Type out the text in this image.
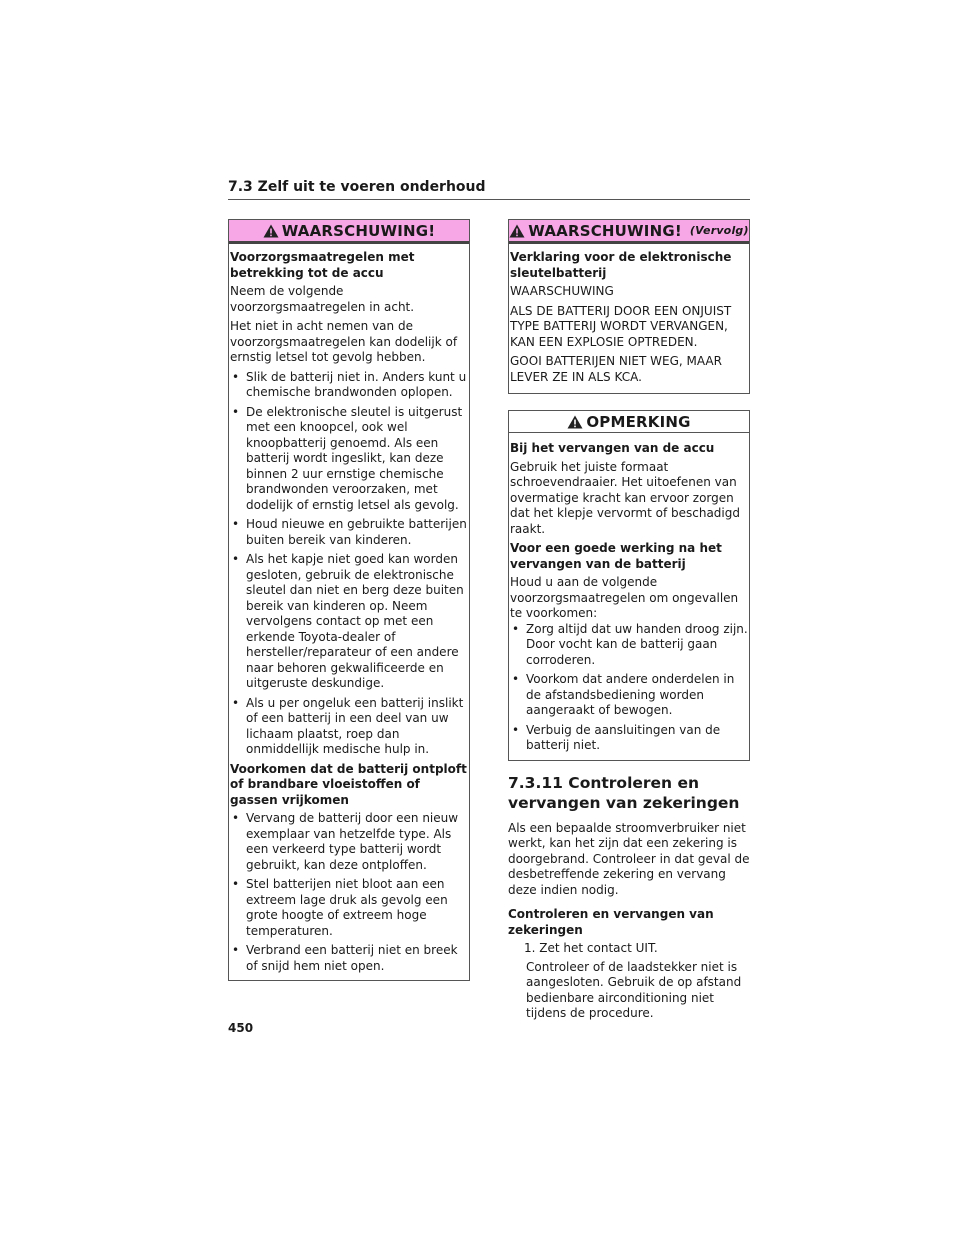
7.3 Zelf uit te voeren onderhoud
WAARSCHUWING!
Voorzorgsmaatregelen met betrekking tot de accu
Neem de volgende voorzorgsmaatregelen in acht.
Het niet in acht nemen van de voorzorgsmaatregelen kan dodelijk of ernstig letsel tot gevolg hebben.
• Slik de batterij niet in. Anders kunt u chemische brandwonden oplopen.
• De elektronische sleutel is uitgerust met een knoopcel, ook wel knoopbatterij genoemd. Als een batterij wordt ingeslikt, kan deze binnen 2 uur ernstige chemische brandwonden veroorzaken, met dodelijk of ernstig letsel als gevolg.
• Houd nieuwe en gebruikte batterijen buiten bereik van kinderen.
• Als het kapje niet goed kan worden gesloten, gebruik de elektronische sleutel dan niet en berg deze buiten bereik van kinderen op. Neem vervolgens contact op met een erkende Toyota-dealer of hersteller/reparateur of een andere naar behoren gekwalificeerde en uitgeruste deskundige.
• Als u per ongeluk een batterij inslikt of een batterij in een deel van uw lichaam plaatst, roep dan onmiddellijk medische hulp in.
Voorkomen dat de batterij ontploft of brandbare vloeistoffen of gassen vrijkomen
• Vervang de batterij door een nieuw exemplaar van hetzelfde type. Als een verkeerd type batterij wordt gebruikt, kan deze ontploffen.
• Stel batterijen niet bloot aan een extreem lage druk als gevolg een grote hoogte of extreem hoge temperaturen.
• Verbrand een batterij niet en breek of snijd hem niet open.
WAARSCHUWING! (Vervolg)
Verklaring voor de elektronische sleutelbatterij
WAARSCHUWING
ALS DE BATTERIJ DOOR EEN ONJUIST TYPE BATTERIJ WORDT VERVANGEN, KAN EEN EXPLOSIE OPTREDEN.
GOOI BATTERIJEN NIET WEG, MAAR LEVER ZE IN ALS KCA.
OPMERKING
Bij het vervangen van de accu
Gebruik het juiste formaat schroevendraaier. Het uitoefenen van overmatige kracht kan ervoor zorgen dat het klepje vervormt of beschadigd raakt.
Voor een goede werking na het vervangen van de batterij
Houd u aan de volgende voorzorgsmaatregelen om ongevallen te voorkomen:
• Zorg altijd dat uw handen droog zijn. Door vocht kan de batterij gaan corroderen.
• Voorkom dat andere onderdelen in de afstandsbediening worden aangeraakt of bewogen.
• Verbuig de aansluitingen van de batterij niet.
7.3.11 Controleren en vervangen van zekeringen
Als een bepaalde stroomverbruiker niet werkt, kan het zijn dat een zekering is doorgebrand. Controleer in dat geval de desbetreffende zekering en vervang deze indien nodig.
Controleren en vervangen van zekeringen
1. Zet het contact UIT.
Controleer of de laadstekker niet is aangesloten. Gebruik de op afstand bedienbare airconditioning niet tijdens de procedure.
450
